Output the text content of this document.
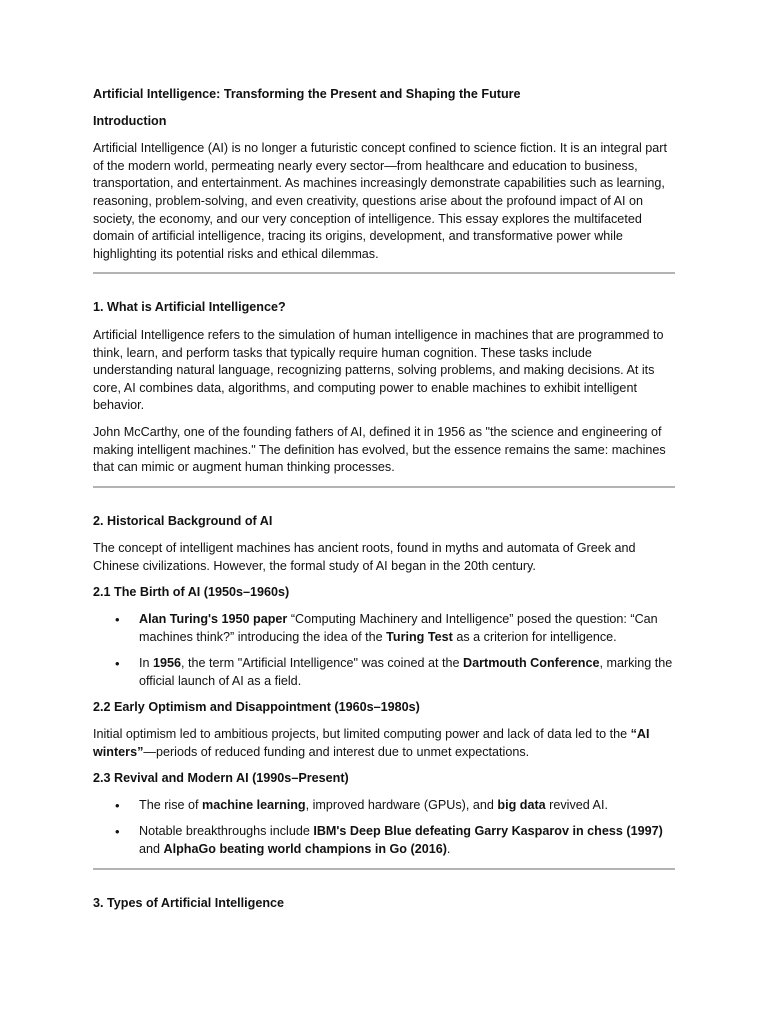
Artificial Intelligence: Transforming the Present and Shaping the Future

Introduction

Artificial Intelligence (AI) is no longer a futuristic concept confined to science fiction. It is an integral part of the modern world, permeating nearly every sector—from healthcare and education to business, transportation, and entertainment. As machines increasingly demonstrate capabilities such as learning, reasoning, problem-solving, and even creativity, questions arise about the profound impact of AI on society, the economy, and our very conception of intelligence. This essay explores the multifaceted domain of artificial intelligence, tracing its origins, development, and transformative power while highlighting its potential risks and ethical dilemmas.

1. What is Artificial Intelligence?

Artificial Intelligence refers to the simulation of human intelligence in machines that are programmed to think, learn, and perform tasks that typically require human cognition. These tasks include understanding natural language, recognizing patterns, solving problems, and making decisions. At its core, AI combines data, algorithms, and computing power to enable machines to exhibit intelligent behavior.

John McCarthy, one of the founding fathers of AI, defined it in 1956 as "the science and engineering of making intelligent machines." The definition has evolved, but the essence remains the same: machines that can mimic or augment human thinking processes.

2. Historical Background of AI

The concept of intelligent machines has ancient roots, found in myths and automata of Greek and Chinese civilizations. However, the formal study of AI began in the 20th century.

2.1 The Birth of AI (1950s–1960s)

• Alan Turing's 1950 paper “Computing Machinery and Intelligence” posed the question: “Can machines think?” introducing the idea of the Turing Test as a criterion for intelligence.
• In 1956, the term "Artificial Intelligence" was coined at the Dartmouth Conference, marking the official launch of AI as a field.

2.2 Early Optimism and Disappointment (1960s–1980s)

Initial optimism led to ambitious projects, but limited computing power and lack of data led to the “AI winters”—periods of reduced funding and interest due to unmet expectations.

2.3 Revival and Modern AI (1990s–Present)

• The rise of machine learning, improved hardware (GPUs), and big data revived AI.
• Notable breakthroughs include IBM's Deep Blue defeating Garry Kasparov in chess (1997) and AlphaGo beating world champions in Go (2016).

3. Types of Artificial Intelligence
